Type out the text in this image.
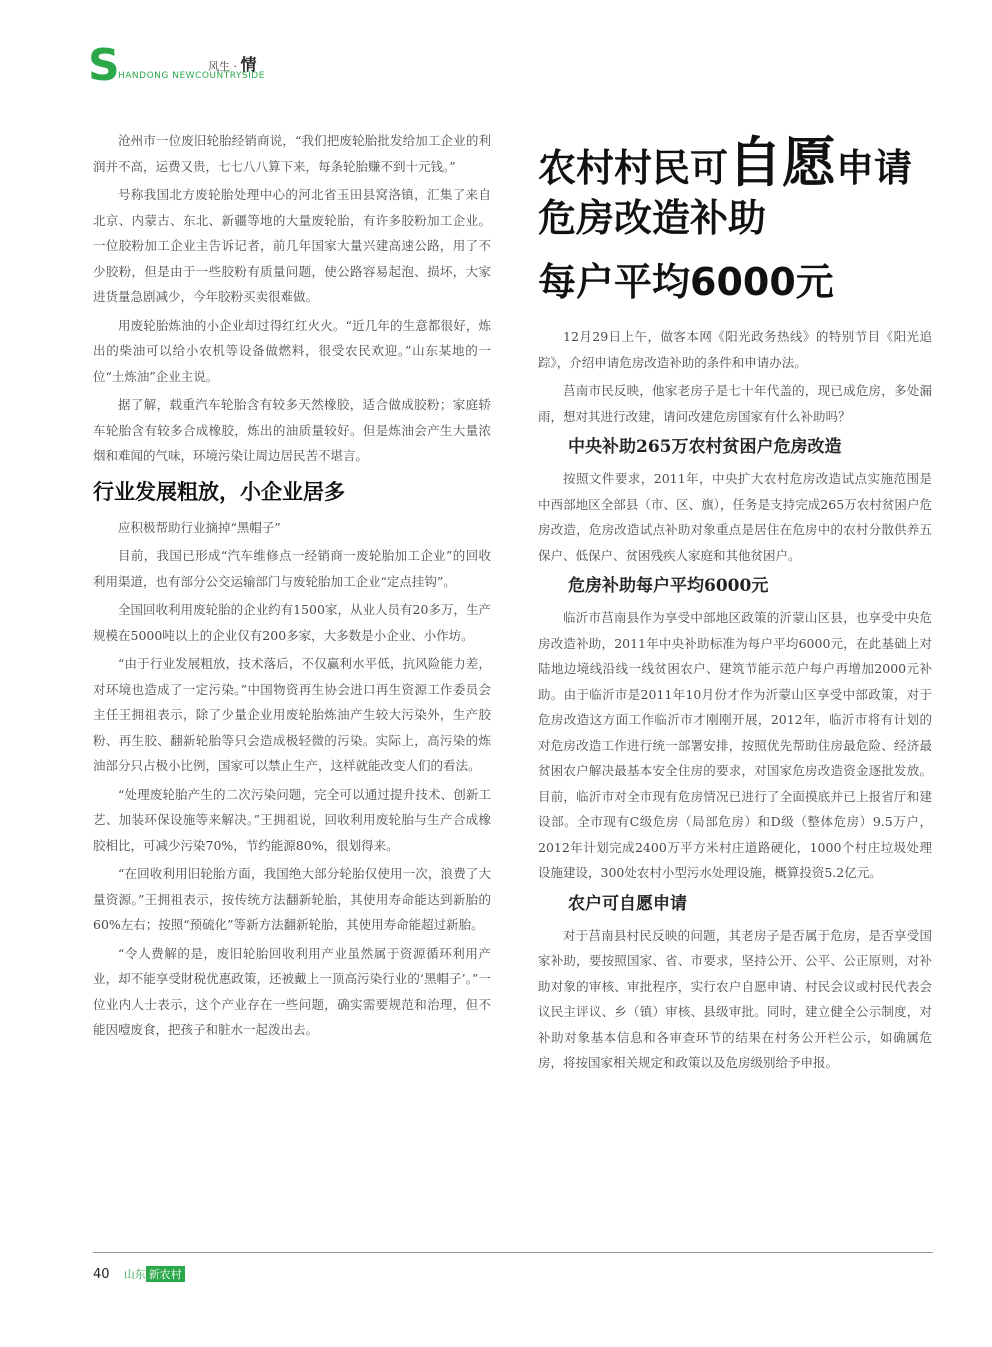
S
HANDONG NEWCOUNTRYSIDE
风生 · 情

沧州市一位废旧轮胎经销商说，“我们把废轮胎批发给加工企业的利润并不高，运费又贵，七七八八算下来，每条轮胎赚不到十元钱。”

号称我国北方废轮胎处理中心的河北省玉田县窝洛镇，汇集了来自北京、内蒙古、东北、新疆等地的大量废轮胎，有许多胶粉加工企业。一位胶粉加工企业主告诉记者，前几年国家大量兴建高速公路，用了不少胶粉，但是由于一些胶粉有质量问题，使公路容易起泡、损坏，大家进货量急剧减少，今年胶粉买卖很难做。

用废轮胎炼油的小企业却过得红红火火。“近几年的生意都很好，炼出的柴油可以给小农机等设备做燃料，很受农民欢迎。”山东某地的一位“土炼油”企业主说。

据了解，载重汽车轮胎含有较多天然橡胶，适合做成胶粉；家庭轿车轮胎含有较多合成橡胶，炼出的油质量较好。但是炼油会产生大量浓烟和难闻的气味，环境污染让周边居民苦不堪言。

行业发展粗放，小企业居多

应积极帮助行业摘掉“黑帽子”

目前，我国已形成“汽车维修点一经销商一废轮胎加工企业”的回收利用渠道，也有部分公交运输部门与废轮胎加工企业“定点挂钩”。

全国回收利用废轮胎的企业约有1500家，从业人员有20多万，生产规模在5000吨以上的企业仅有200多家，大多数是小企业、小作坊。

“由于行业发展粗放，技术落后，不仅赢利水平低，抗风险能力差，对环境也造成了一定污染。”中国物资再生协会进口再生资源工作委员会主任王拥祖表示，除了少量企业用废轮胎炼油产生较大污染外，生产胶粉、再生胶、翻新轮胎等只会造成极轻微的污染。实际上，高污染的炼油部分只占极小比例，国家可以禁止生产，这样就能改变人们的看法。

“处理废轮胎产生的二次污染问题，完全可以通过提升技术、创新工艺、加装环保设施等来解决。”王拥祖说，回收利用废轮胎与生产合成橡胶相比，可减少污染70%，节约能源80%，很划得来。

“在回收利用旧轮胎方面，我国绝大部分轮胎仅使用一次，浪费了大量资源。”王拥祖表示，按传统方法翻新轮胎，其使用寿命能达到新胎的60%左右；按照“预硫化”等新方法翻新轮胎，其使用寿命能超过新胎。

“令人费解的是，废旧轮胎回收利用产业虽然属于资源循环利用产业，却不能享受財税优惠政策，还被戴上一顶高污染行业的‘黑帽子’。”一位业内人士表示，这个产业存在一些问题，确实需要规范和治理，但不能因噎废食，把孩子和脏水一起泼出去。

农村村民可自愿申请
危房改造补助
每户平均6000元

12月29日上午，做客本网《阳光政务热线》的特别节目《阳光追踪》，介绍申请危房改造补助的条件和申请办法。

莒南市民反映，他家老房子是七十年代盖的，现已成危房，多处漏雨，想对其进行改建，请问改建危房国家有什么补助吗？

中央补助265万农村贫困户危房改造

按照文件要求，2011年，中央扩大农村危房改造试点实施范围是中西部地区全部县（市、区、旗），任务是支持完成265万农村贫困户危房改造，危房改造试点补助对象重点是居住在危房中的农村分散供养五保户、低保户、贫困残疾人家庭和其他贫困户。

危房补助每户平均6000元

临沂市莒南县作为享受中部地区政策的沂蒙山区县，也享受中央危房改造补助，2011年中央补助标准为每户平均6000元，在此基础上对陆地边境线沿线一线贫困农户、建筑节能示范户每户再增加2000元补助。由于临沂市是2011年10月份才作为沂蒙山区享受中部政策，对于危房改造这方面工作临沂市才刚刚开展，2012年，临沂市将有计划的对危房改造工作进行统一部署安排，按照优先帮助住房最危险、经济最贫困农户解决最基本安全住房的要求，对国家危房改造资金逐批发放。目前，临沂市对全市现有危房情况已进行了全面摸底并已上报省厅和建设部。全市现有C级危房（局部危房）和D级（整体危房）9.5万户，2012年计划完成2400万平方米村庄道路硬化，1000个村庄垃圾处理设施建设，300处农村小型污水处理设施，概算投资5.2亿元。

农户可自愿申请

对于莒南县村民反映的问题，其老房子是否属于危房，是否享受国家补助，要按照国家、省、市要求，坚持公开、公平、公正原则，对补助对象的审核、审批程序，实行农户自愿申请、村民会议或村民代表会议民主评议、乡（镇）审核、县级审批。同时，建立健全公示制度，对补助对象基本信息和各审查环节的结果在村务公开栏公示，如确属危房，将按国家相关规定和政策以及危房级别给予申报。

40 山东 新农村
